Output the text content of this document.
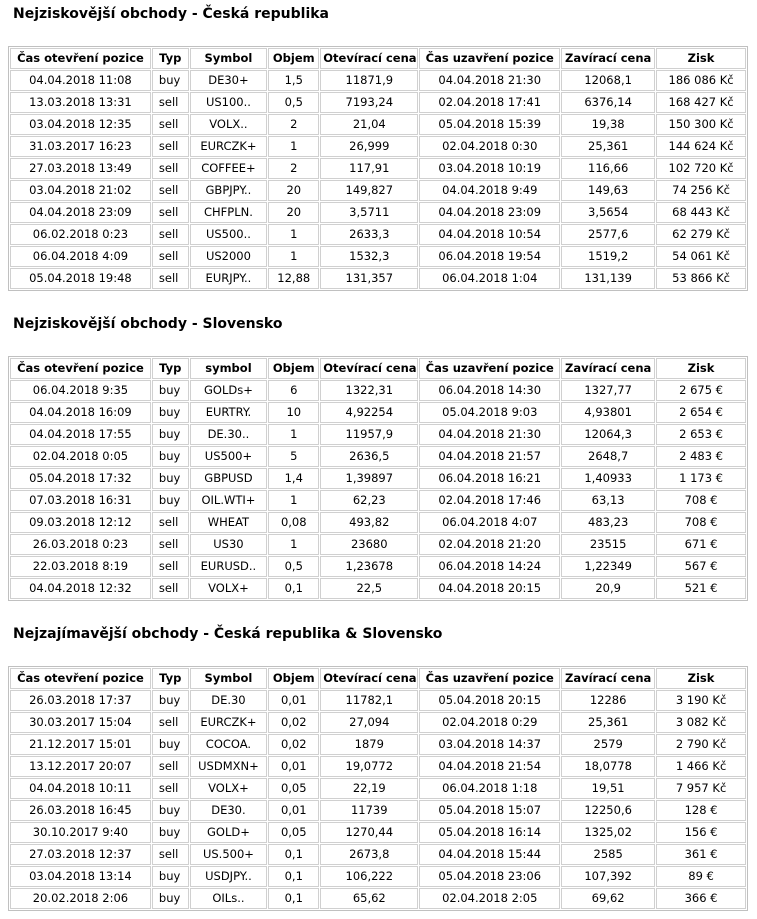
Nejziskovější obchody - Česká republika
Čas otevření pozice	Typ	Symbol	Objem	Otevírací cena	Čas uzavření pozice	Zavírací cena	Zisk
04.04.2018 11:08	buy	DE30+	1,5	11871,9	04.04.2018 21:30	12068,1	186 086 Kč
13.03.2018 13:31	sell	US100..	0,5	7193,24	02.04.2018 17:41	6376,14	168 427 Kč
03.04.2018 12:35	sell	VOLX..	2	21,04	05.04.2018 15:39	19,38	150 300 Kč
31.03.2017 16:23	sell	EURCZK+	1	26,999	02.04.2018 0:30	25,361	144 624 Kč
27.03.2018 13:49	sell	COFFEE+	2	117,91	03.04.2018 10:19	116,66	102 720 Kč
03.04.2018 21:02	sell	GBPJPY..	20	149,827	04.04.2018 9:49	149,63	74 256 Kč
04.04.2018 23:09	sell	CHFPLN.	20	3,5711	04.04.2018 23:09	3,5654	68 443 Kč
06.02.2018 0:23	sell	US500..	1	2633,3	04.04.2018 10:54	2577,6	62 279 Kč
06.04.2018 4:09	sell	US2000	1	1532,3	06.04.2018 19:54	1519,2	54 061 Kč
05.04.2018 19:48	sell	EURJPY..	12,88	131,357	06.04.2018 1:04	131,139	53 866 Kč
Nejziskovější obchody - Slovensko
Čas otevření pozice	Typ	symbol	Objem	Otevírací cena	Čas uzavření pozice	Zavírací cena	Zisk
06.04.2018 9:35	buy	GOLDs+	6	1322,31	06.04.2018 14:30	1327,77	2 675 €
04.04.2018 16:09	buy	EURTRY.	10	4,92254	05.04.2018 9:03	4,93801	2 654 €
04.04.2018 17:55	buy	DE.30..	1	11957,9	04.04.2018 21:30	12064,3	2 653 €
02.04.2018 0:05	buy	US500+	5	2636,5	04.04.2018 21:57	2648,7	2 483 €
05.04.2018 17:32	buy	GBPUSD	1,4	1,39897	06.04.2018 16:21	1,40933	1 173 €
07.03.2018 16:31	buy	OIL.WTI+	1	62,23	02.04.2018 17:46	63,13	708 €
09.03.2018 12:12	sell	WHEAT	0,08	493,82	06.04.2018 4:07	483,23	708 €
26.03.2018 0:23	sell	US30	1	23680	02.04.2018 21:20	23515	671 €
22.03.2018 8:19	sell	EURUSD..	0,5	1,23678	06.04.2018 14:24	1,22349	567 €
04.04.2018 12:32	sell	VOLX+	0,1	22,5	04.04.2018 20:15	20,9	521 €
Nejzajímavější obchody - Česká republika & Slovensko
Čas otevření pozice	Typ	Symbol	Objem	Otevírací cena	Čas uzavření pozice	Zavírací cena	Zisk
26.03.2018 17:37	buy	DE.30	0,01	11782,1	05.04.2018 20:15	12286	3 190 Kč
30.03.2017 15:04	sell	EURCZK+	0,02	27,094	02.04.2018 0:29	25,361	3 082 Kč
21.12.2017 15:01	buy	COCOA.	0,02	1879	03.04.2018 14:37	2579	2 790 Kč
13.12.2017 20:07	sell	USDMXN+	0,01	19,0772	04.04.2018 21:54	18,0778	1 466 Kč
04.04.2018 10:11	sell	VOLX+	0,05	22,19	06.04.2018 1:18	19,51	7 957 Kč
26.03.2018 16:45	buy	DE30.	0,01	11739	05.04.2018 15:07	12250,6	128 €
30.10.2017 9:40	buy	GOLD+	0,05	1270,44	05.04.2018 16:14	1325,02	156 €
27.03.2018 12:37	sell	US.500+	0,1	2673,8	04.04.2018 15:44	2585	361 €
03.04.2018 13:14	buy	USDJPY..	0,1	106,222	05.04.2018 23:06	107,392	89 €
20.02.2018 2:06	buy	OILs..	0,1	65,62	02.04.2018 2:05	69,62	366 €
